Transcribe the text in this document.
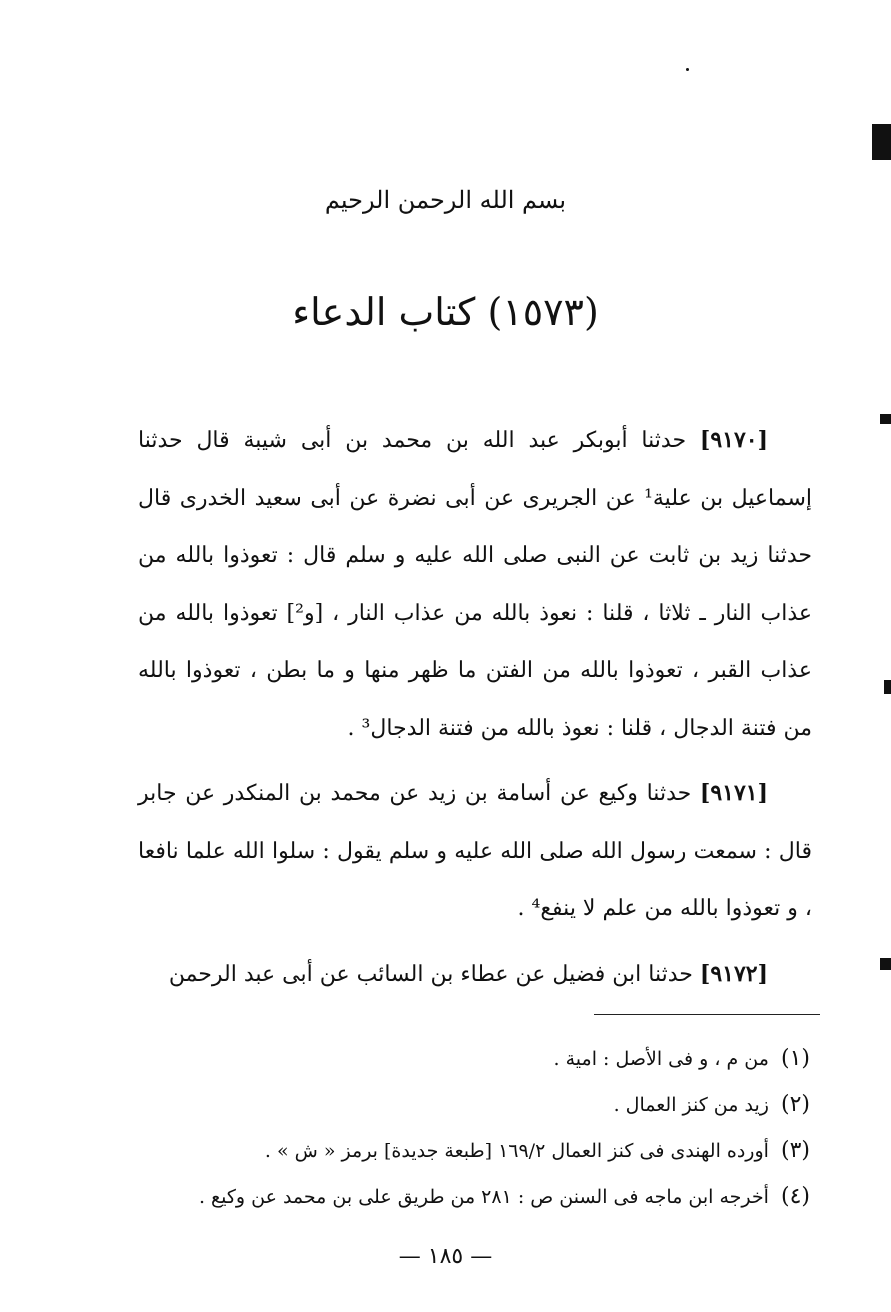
بسم الله الرحمن الرحيم
(١٥٧٣) كتاب الدعاء

[٩١٧٠] حدثنا أبوبكر عبد الله بن محمد بن أبى شيبة قال حدثنا إسماعيل بن علية¹ عن الجريرى عن أبى نضرة عن أبى سعيد الخدرى قال حدثنا زيد بن ثابت عن النبى صلى الله عليه و سلم قال : تعوذوا بالله من عذاب النار ـ ثلاثا ، قلنا : نعوذ بالله من عذاب النار ، [و²] تعوذوا بالله من عذاب القبر ، تعوذوا بالله من الفتن ما ظهر منها و ما بطن ، تعوذوا بالله من فتنة الدجال ، قلنا : نعوذ بالله من فتنة الدجال³ .

[٩١٧١] حدثنا وكيع عن أسامة بن زيد عن محمد بن المنكدر عن جابر قال : سمعت رسول الله صلى الله عليه و سلم يقول : سلوا الله علما نافعا ، و تعوذوا بالله من علم لا ينفع⁴ .

[٩١٧٢] حدثنا ابن فضيل عن عطاء بن السائب عن أبى عبد الرحمن

(١) من م ، و فى الأصل : امية .

(٢) زيد من كنز العمال .

(٣) أورده الهندى فى كنز العمال ١٦٩/٢ [طبعة جديدة] برمز « ش » .

(٤) أخرجه ابن ماجه فى السنن ص : ٢٨١ من طريق على بن محمد عن وكيع .

— ١٨٥ —
